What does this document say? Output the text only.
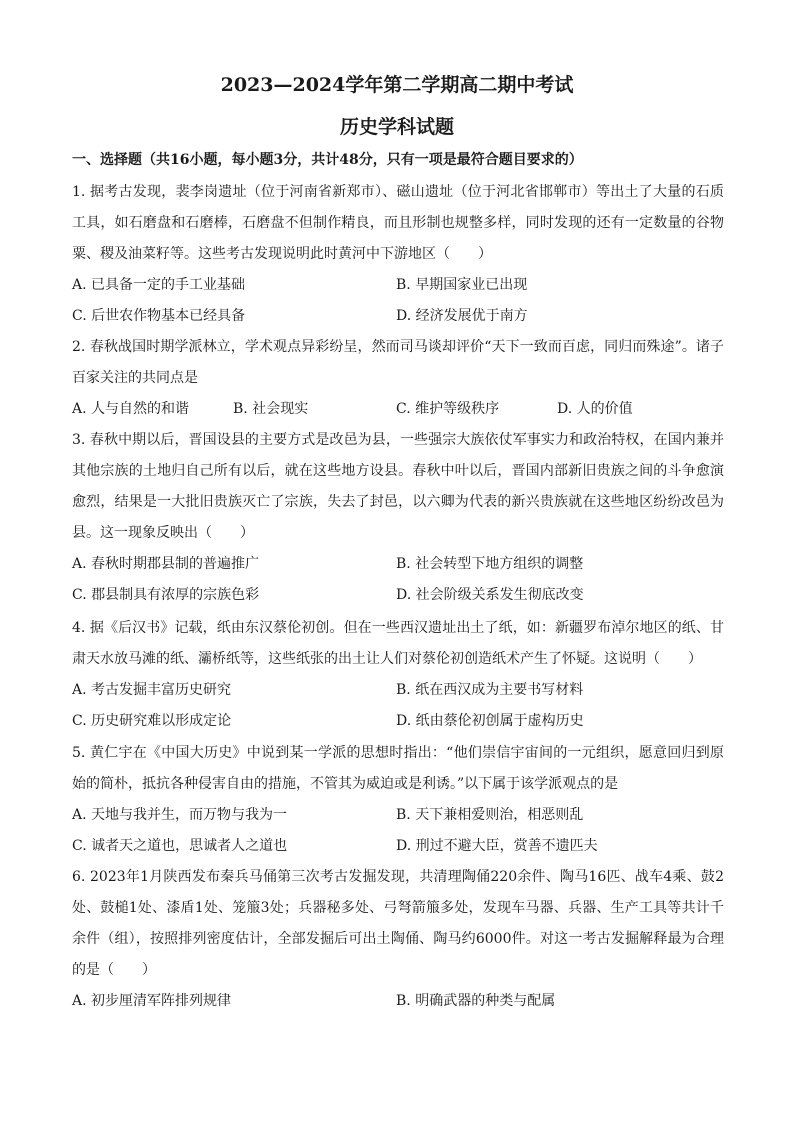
2023—2024学年第二学期高二期中考试
历史学科试题
一、选择题（共16小题，每小题3分，共计48分，只有一项是最符合题目要求的）
1. 据考古发现，裴李岗遗址（位于河南省新郑市）、磁山遗址（位于河北省邯郸市）等出土了大量的石质工具，如石磨盘和石磨棒，石磨盘不但制作精良，而且形制也规整多样，同时发现的还有一定数量的谷物粟、稷及油菜籽等。这些考古发现说明此时黄河中下游地区（　　）
A. 已具备一定的手工业基础	B. 早期国家业已出现
C. 后世农作物基本已经具备	D. 经济发展优于南方
2. 春秋战国时期学派林立，学术观点异彩纷呈，然而司马谈却评价“天下一致而百虑，同归而殊途”。诸子百家关注的共同点是
A. 人与自然的和谐	B. 社会现实	C. 维护等级秩序	D. 人的价值
3. 春秋中期以后，晋国设县的主要方式是改邑为县，一些强宗大族依仗军事实力和政治特权，在国内兼并其他宗族的土地归自己所有以后，就在这些地方设县。春秋中叶以后，晋国内部新旧贵族之间的斗争愈演愈烈，结果是一大批旧贵族灭亡了宗族，失去了封邑，以六卿为代表的新兴贵族就在这些地区纷纷改邑为县。这一现象反映出（　　）
A. 春秋时期郡县制的普遍推广	B. 社会转型下地方组织的调整
C. 郡县制具有浓厚的宗族色彩	D. 社会阶级关系发生彻底改变
4. 据《后汉书》记载，纸由东汉蔡伦初创。但在一些西汉遗址出土了纸，如：新疆罗布淖尔地区的纸、甘肃天水放马滩的纸、灞桥纸等，这些纸张的出土让人们对蔡伦初创造纸术产生了怀疑。这说明（　　）
A. 考古发掘丰富历史研究	B. 纸在西汉成为主要书写材料
C. 历史研究难以形成定论	D. 纸由蔡伦初创属于虚构历史
5. 黄仁宇在《中国大历史》中说到某一学派的思想时指出：“他们崇信宇宙间的一元组织，愿意回归到原始的简朴，抵抗各种侵害自由的措施，不管其为威迫或是利诱。”以下属于该学派观点的是
A. 天地与我并生，而万物与我为一	B. 天下兼相爱则治，相恶则乱
C. 诚者天之道也，思诚者人之道也	D. 刑过不避大臣，赏善不遗匹夫
6. 2023年1月陕西发布秦兵马俑第三次考古发掘发现，共清理陶俑220余件、陶马16匹、战车4乘、鼓2处、鼓槌1处、漆盾1处、笼箙3处；兵器秘多处、弓弩箭箙多处，发现车马器、兵器、生产工具等共计千余件（组），按照排列密度估计，全部发掘后可出土陶俑、陶马约6000件。对这一考古发掘解释最为合理的是（　　）
A. 初步厘清军阵排列规律	B. 明确武器的种类与配属
